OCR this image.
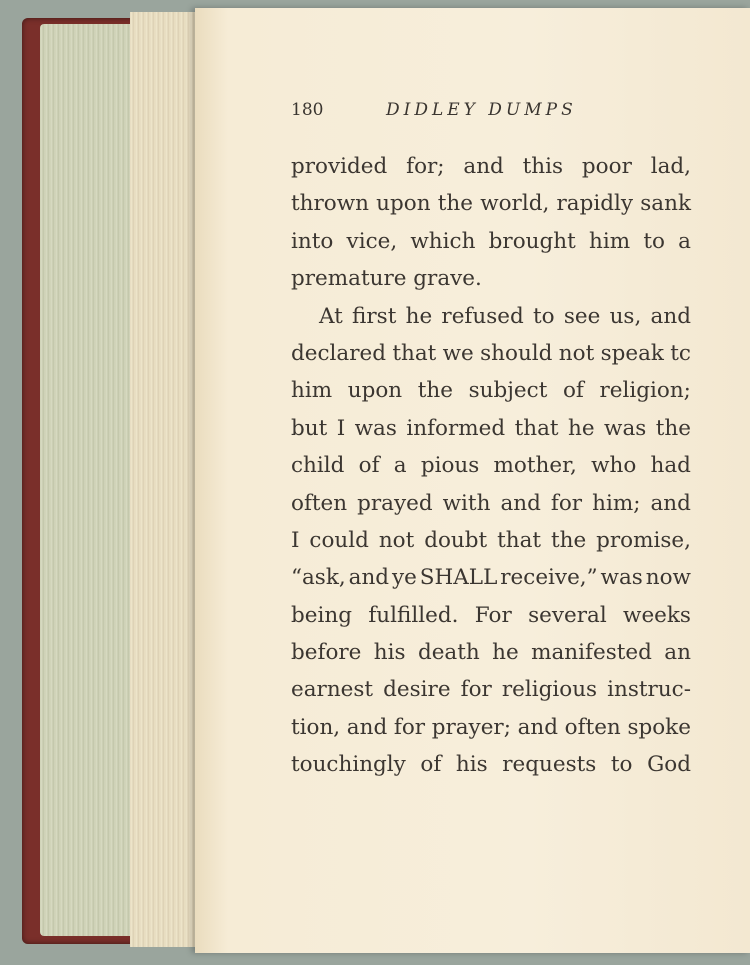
180	DIDLEY DUMPS
provided for; and this poor lad,
thrown upon the world, rapidly sank
into vice, which brought him to a
premature grave.
At first he refused to see us, and
declared that we should not speak tc
him upon the subject of religion;
but I was informed that he was the
child of a pious mother, who had
often prayed with and for him; and
I could not doubt that the promise,
“ask, and ye SHALL receive,” was now
being fulfilled. For several weeks
before his death he manifested an
earnest desire for religious instruc-
tion, and for prayer; and often spoke
touchingly of his requests to God
